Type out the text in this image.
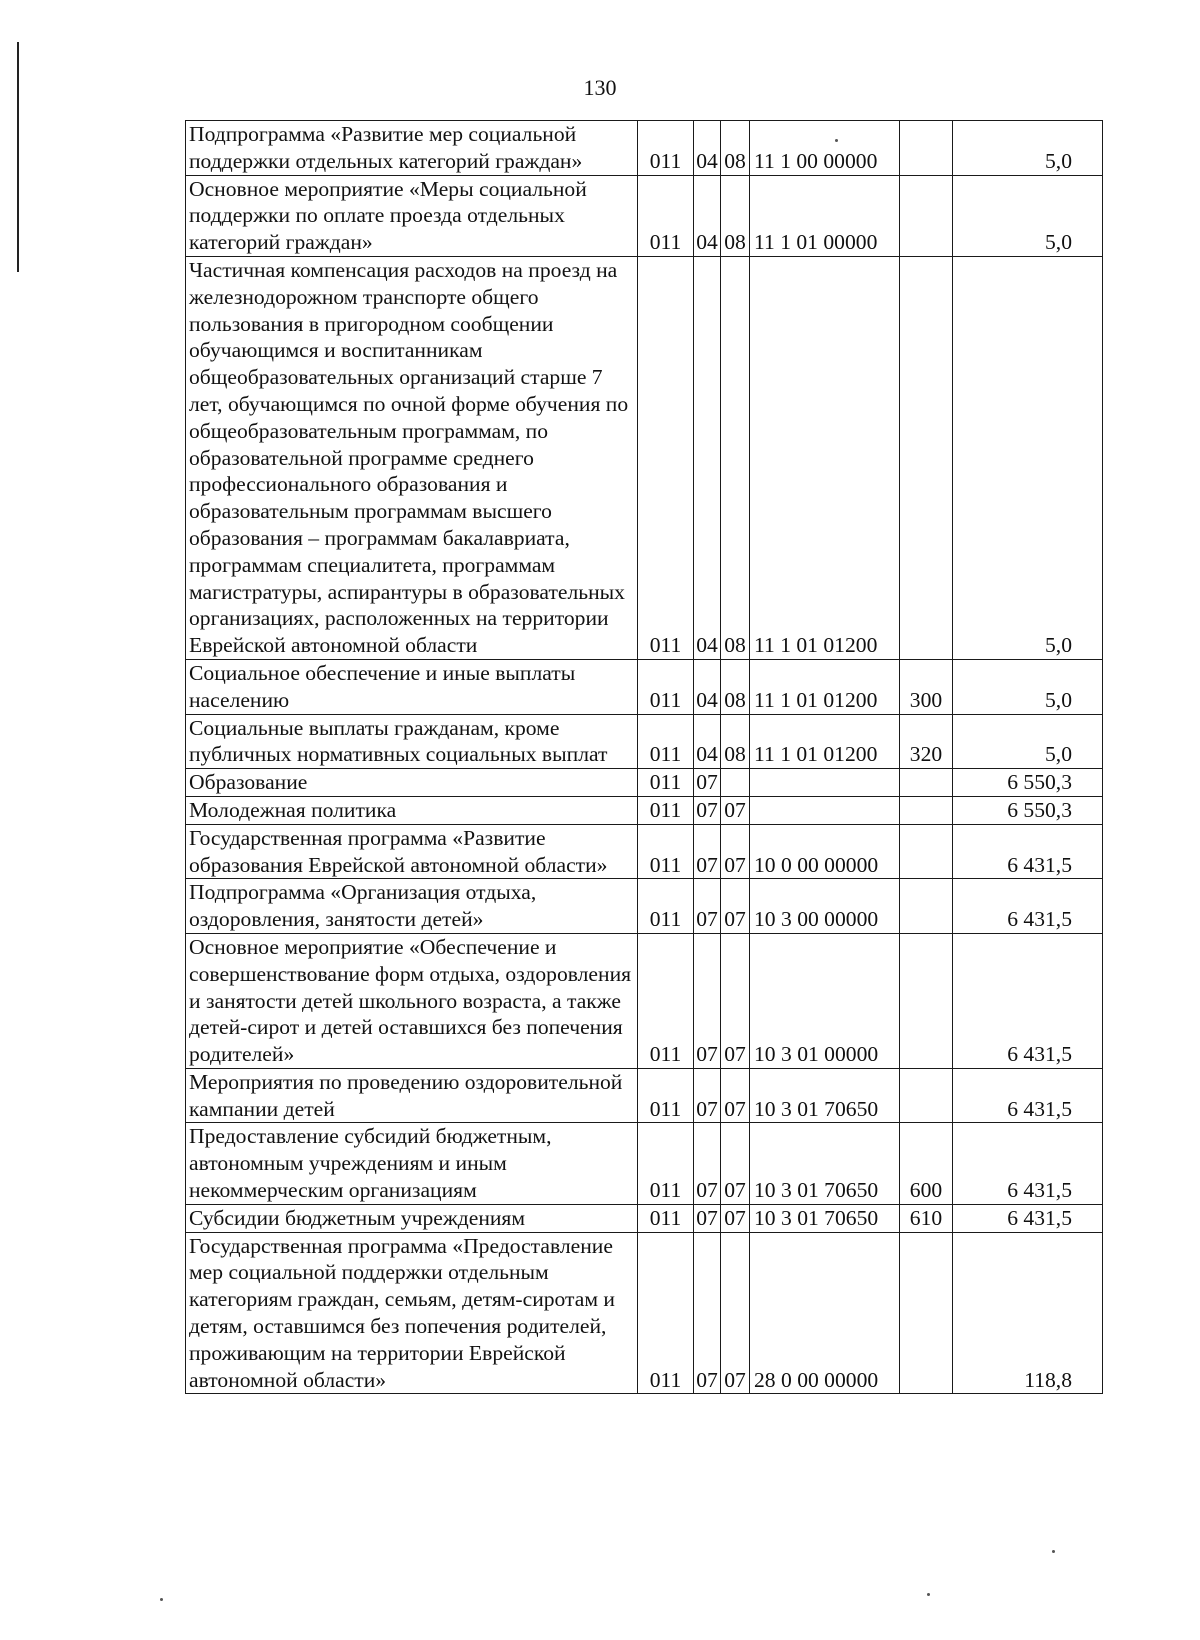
130
Подпрограмма «Развитие мер социальной поддержки отдельных категорий граждан»	011	04	08	11 1 00 00000		5,0
Основное мероприятие «Меры социальной поддержки по оплате проезда отдельных категорий граждан»	011	04	08	11 1 01 00000		5,0
Частичная компенсация расходов на проезд на железнодорожном транспорте общего пользования в пригородном сообщении обучающимся и воспитанникам общеобразовательных организаций старше 7 лет, обучающимся по очной форме обучения по общеобразовательным программам, по образовательной программе среднего профессионального образования и образовательным программам высшего образования – программам бакалавриата, программам специалитета, программам магистратуры, аспирантуры в образовательных организациях, расположенных на территории Еврейской автономной области	011	04	08	11 1 01 01200		5,0
Социальное обеспечение и иные выплаты населению	011	04	08	11 1 01 01200	300	5,0
Социальные выплаты гражданам, кроме публичных нормативных социальных выплат	011	04	08	11 1 01 01200	320	5,0
Образование	011	07				6 550,3
Молодежная политика	011	07	07			6 550,3
Государственная программа «Развитие образования Еврейской автономной области»	011	07	07	10 0 00 00000		6 431,5
Подпрограмма «Организация отдыха, оздоровления, занятости детей»	011	07	07	10 3 00 00000		6 431,5
Основное мероприятие «Обеспечение и совершенствование форм отдыха, оздоровления и занятости детей школьного возраста, а также детей-сирот и детей оставшихся без попечения родителей»	011	07	07	10 3 01 00000		6 431,5
Мероприятия по проведению оздоровительной кампании детей	011	07	07	10 3 01 70650		6 431,5
Предоставление субсидий бюджетным, автономным учреждениям и иным некоммерческим организациям	011	07	07	10 3 01 70650	600	6 431,5
Субсидии бюджетным учреждениям	011	07	07	10 3 01 70650	610	6 431,5
Государственная программа «Предоставление мер социальной поддержки отдельным категориям граждан, семьям, детям-сиротам и детям, оставшимся без попечения родителей, проживающим на территории Еврейской автономной области»	011	07	07	28 0 00 00000		118,8
